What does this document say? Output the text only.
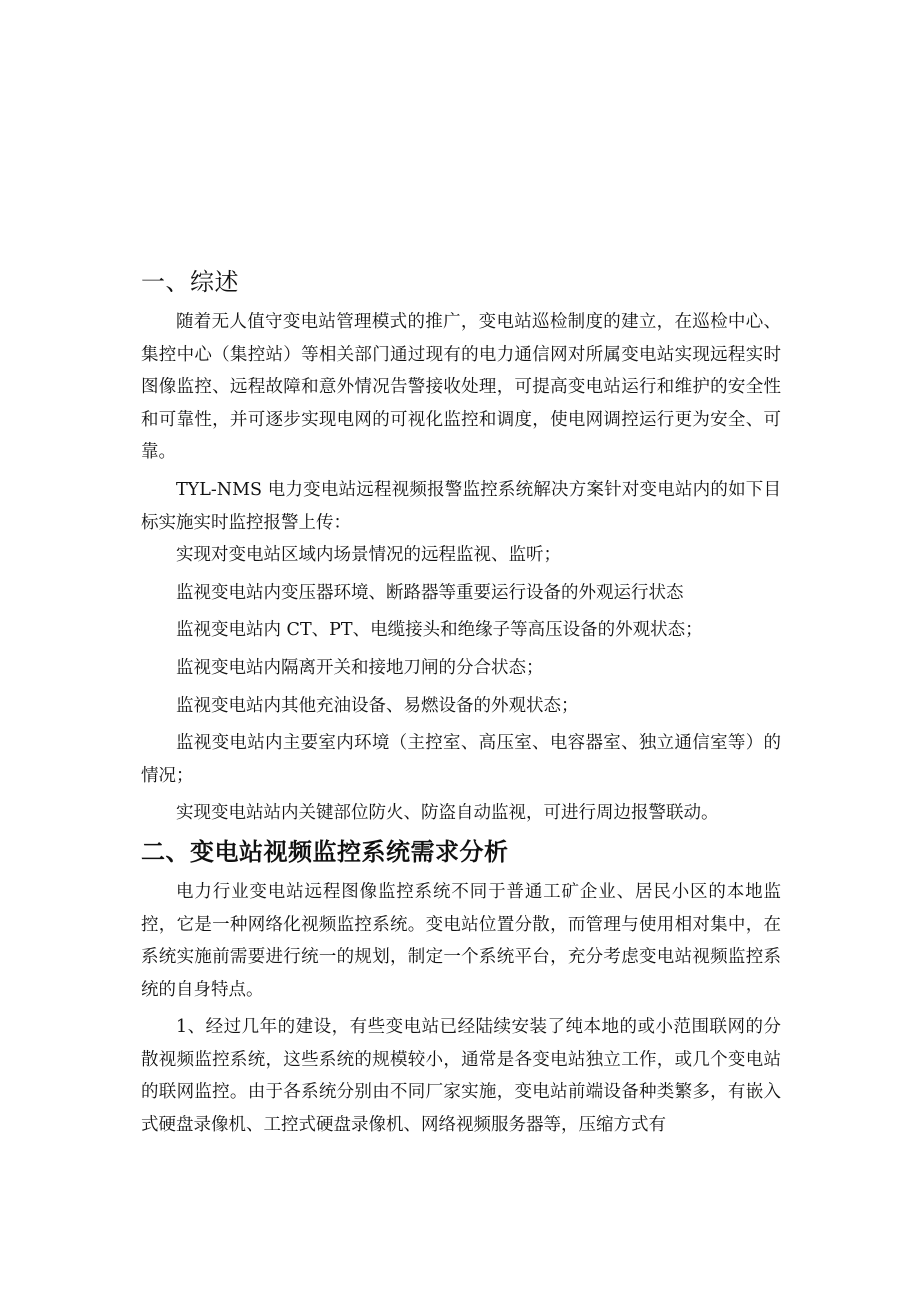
一、综述

随着无人值守变电站管理模式的推广，变电站巡检制度的建立，在巡检中心、集控中心（集控站）等相关部门通过现有的电力通信网对所属变电站实现远程实时图像监控、远程故障和意外情况告警接收处理，可提高变电站运行和维护的安全性和可靠性，并可逐步实现电网的可视化监控和调度，使电网调控运行更为安全、可靠。

TYL-NMS 电力变电站远程视频报警监控系统解决方案针对变电站内的如下目标实施实时监控报警上传：

实现对变电站区域内场景情况的远程监视、监听；

监视变电站内变压器环境、断路器等重要运行设备的外观运行状态

监视变电站内 CT、PT、电缆接头和绝缘子等高压设备的外观状态；

监视变电站内隔离开关和接地刀闸的分合状态；

监视变电站内其他充油设备、易燃设备的外观状态；

监视变电站内主要室内环境（主控室、高压室、电容器室、独立通信室等）的情况；

实现变电站站内关键部位防火、防盗自动监视，可进行周边报警联动。

二、变电站视频监控系统需求分析

电力行业变电站远程图像监控系统不同于普通工矿企业、居民小区的本地监控，它是一种网络化视频监控系统。变电站位置分散，而管理与使用相对集中，在系统实施前需要进行统一的规划，制定一个系统平台，充分考虑变电站视频监控系统的自身特点。

1、经过几年的建设，有些变电站已经陆续安装了纯本地的或小范围联网的分散视频监控系统，这些系统的规模较小，通常是各变电站独立工作，或几个变电站的联网监控。由于各系统分别由不同厂家实施，变电站前端设备种类繁多，有嵌入式硬盘录像机、工控式硬盘录像机、网络视频服务器等，压缩方式有
